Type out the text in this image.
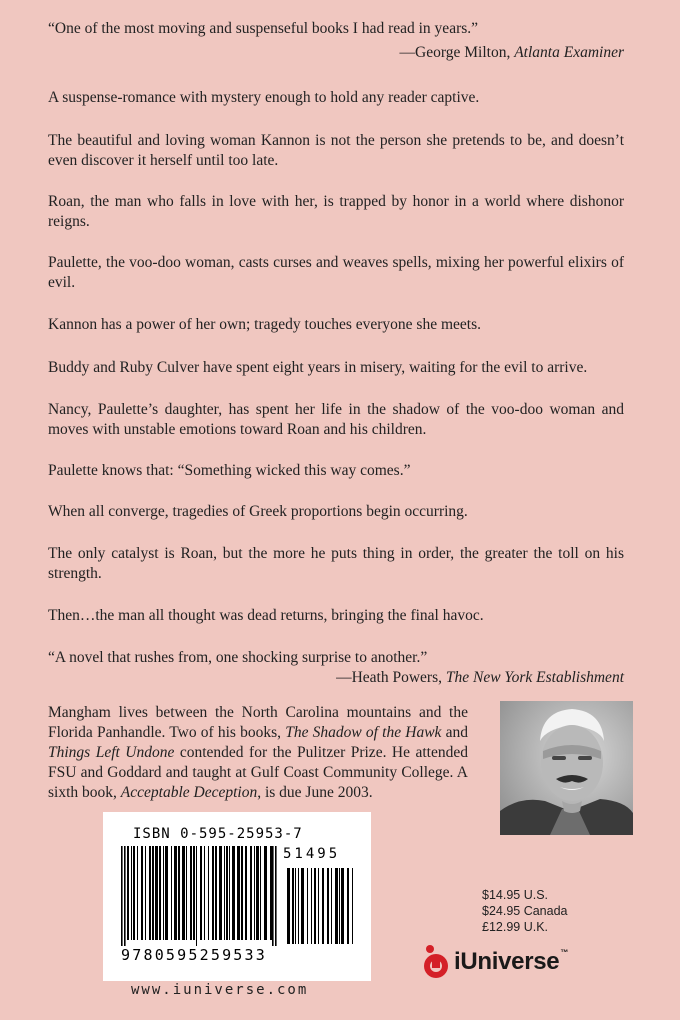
“One of the most moving and suspenseful books I had read in years.”

—George Milton, Atlanta Examiner

A suspense-romance with mystery enough to hold any reader captive.

The beautiful and loving woman Kannon is not the person she pretends to be, and doesn’t even discover it herself until too late.

Roan, the man who falls in love with her, is trapped by honor in a world where dishonor reigns.

Paulette, the voo-doo woman, casts curses and weaves spells, mixing her powerful elixirs of evil.

Kannon has a power of her own; tragedy touches everyone she meets.

Buddy and Ruby Culver have spent eight years in misery, waiting for the evil to arrive.

Nancy, Paulette’s daughter, has spent her life in the shadow of the voo-doo woman and moves with unstable emotions toward Roan and his children.

Paulette knows that: “Something wicked this way comes.”

When all converge, tragedies of Greek proportions begin occurring.

The only catalyst is Roan, but the more he puts thing in order, the greater the toll on his strength.

Then…the man all thought was dead returns, bringing the final havoc.

“A novel that rushes from, one shocking surprise to another.”

—Heath Powers, The New York Establishment

Mangham lives between the North Carolina mountains and the Florida Panhandle. Two of his books, The Shadow of the Hawk and Things Left Undone contended for the Pulitzer Prize. He attended FSU and Goddard and taught at Gulf Coast Community College. A sixth book, Acceptable Deception, is due June 2003.

ISBN 0-595-25953-7

51495

9780595259533

$14.95 U.S.
$24.95 Canada
£12.99 U.K.
iUniverse™

www.iuniverse.com
